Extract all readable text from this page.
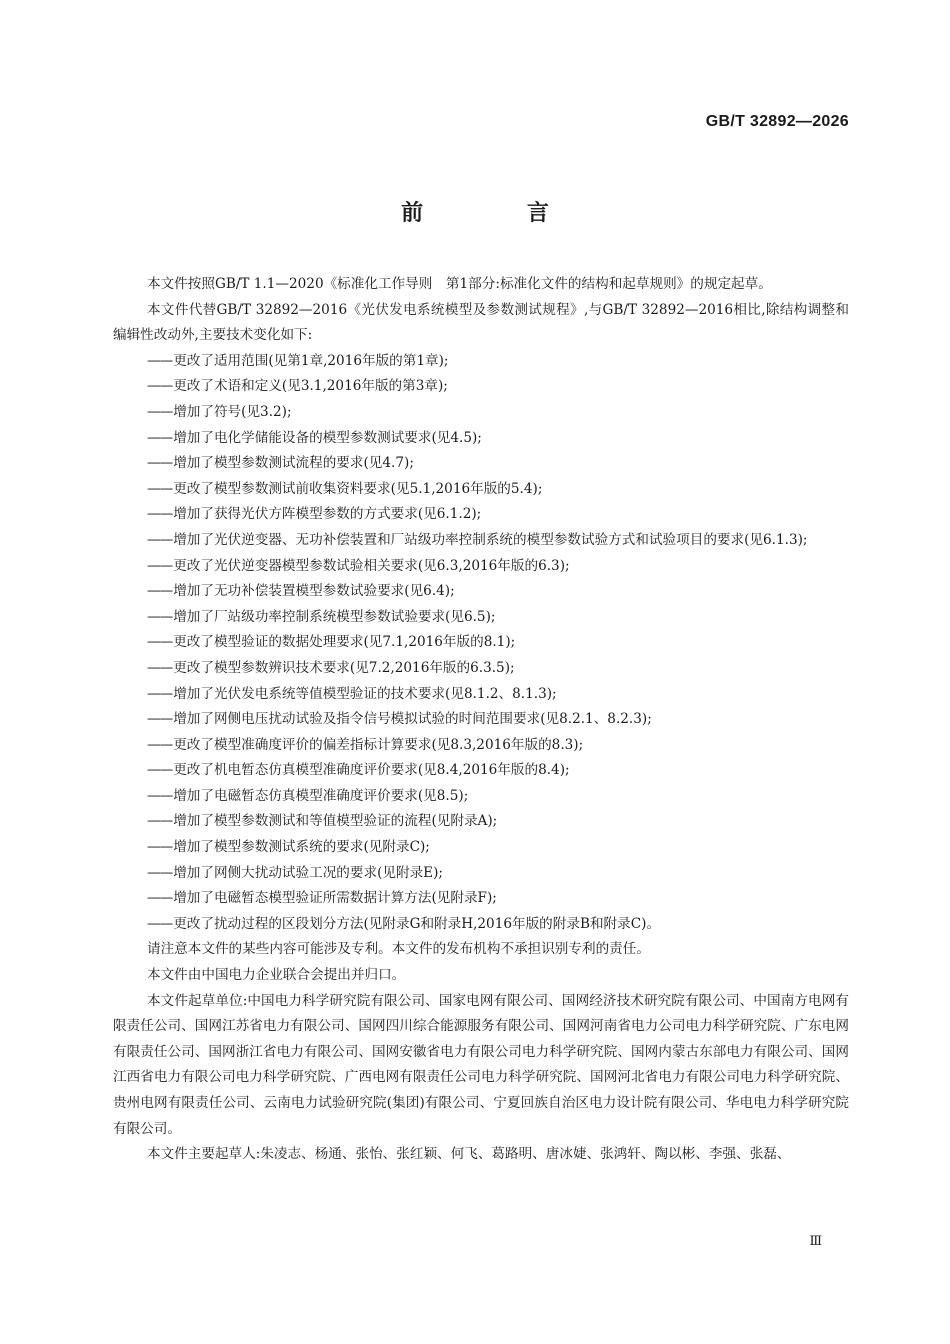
GB/T 32892—2026
前 言

本文件按照GB/T 1.1—2020《标准化工作导则　第1部分:标准化文件的结构和起草规则》的规定起草。

本文件代替GB/T 32892—2016《光伏发电系统模型及参数测试规程》,与GB/T 32892—2016相比,除结构调整和编辑性改动外,主要技术变化如下:

—— 更改了适用范围(见第1章,2016年版的第1章);
—— 更改了术语和定义(见3.1,2016年版的第3章);
—— 增加了符号(见3.2);
—— 增加了电化学储能设备的模型参数测试要求(见4.5);
—— 增加了模型参数测试流程的要求(见4.7);
—— 更改了模型参数测试前收集资料要求(见5.1,2016年版的5.4);
—— 增加了获得光伏方阵模型参数的方式要求(见6.1.2);
—— 增加了光伏逆变器、无功补偿装置和厂站级功率控制系统的模型参数试验方式和试验项目的要求(见6.1.3);
—— 更改了光伏逆变器模型参数试验相关要求(见6.3,2016年版的6.3);
—— 增加了无功补偿装置模型参数试验要求(见6.4);
—— 增加了厂站级功率控制系统模型参数试验要求(见6.5);
—— 更改了模型验证的数据处理要求(见7.1,2016年版的8.1);
—— 更改了模型参数辨识技术要求(见7.2,2016年版的6.3.5);
—— 增加了光伏发电系统等值模型验证的技术要求(见8.1.2、8.1.3);
—— 增加了网侧电压扰动试验及指令信号模拟试验的时间范围要求(见8.2.1、8.2.3);
—— 更改了模型准确度评价的偏差指标计算要求(见8.3,2016年版的8.3);
—— 更改了机电暂态仿真模型准确度评价要求(见8.4,2016年版的8.4);
—— 增加了电磁暂态仿真模型准确度评价要求(见8.5);
—— 增加了模型参数测试和等值模型验证的流程(见附录A);
—— 增加了模型参数测试系统的要求(见附录C);
—— 增加了网侧大扰动试验工况的要求(见附录E);
—— 增加了电磁暂态模型验证所需数据计算方法(见附录F);
—— 更改了扰动过程的区段划分方法(见附录G和附录H,2016年版的附录B和附录C)。

请注意本文件的某些内容可能涉及专利。本文件的发布机构不承担识别专利的责任。

本文件由中国电力企业联合会提出并归口。

本文件起草单位:中国电力科学研究院有限公司、国家电网有限公司、国网经济技术研究院有限公司、中国南方电网有限责任公司、国网江苏省电力有限公司、国网四川综合能源服务有限公司、国网河南省电力公司电力科学研究院、广东电网有限责任公司、国网浙江省电力有限公司、国网安徽省电力有限公司电力科学研究院、国网内蒙古东部电力有限公司、国网江西省电力有限公司电力科学研究院、广西电网有限责任公司电力科学研究院、国网河北省电力有限公司电力科学研究院、贵州电网有限责任公司、云南电力试验研究院(集团)有限公司、宁夏回族自治区电力设计院有限公司、华电电力科学研究院有限公司。

本文件主要起草人:朱凌志、杨通、张怡、张红颖、何飞、葛路明、唐冰婕、张鸿轩、陶以彬、李强、张磊、

Ⅲ
